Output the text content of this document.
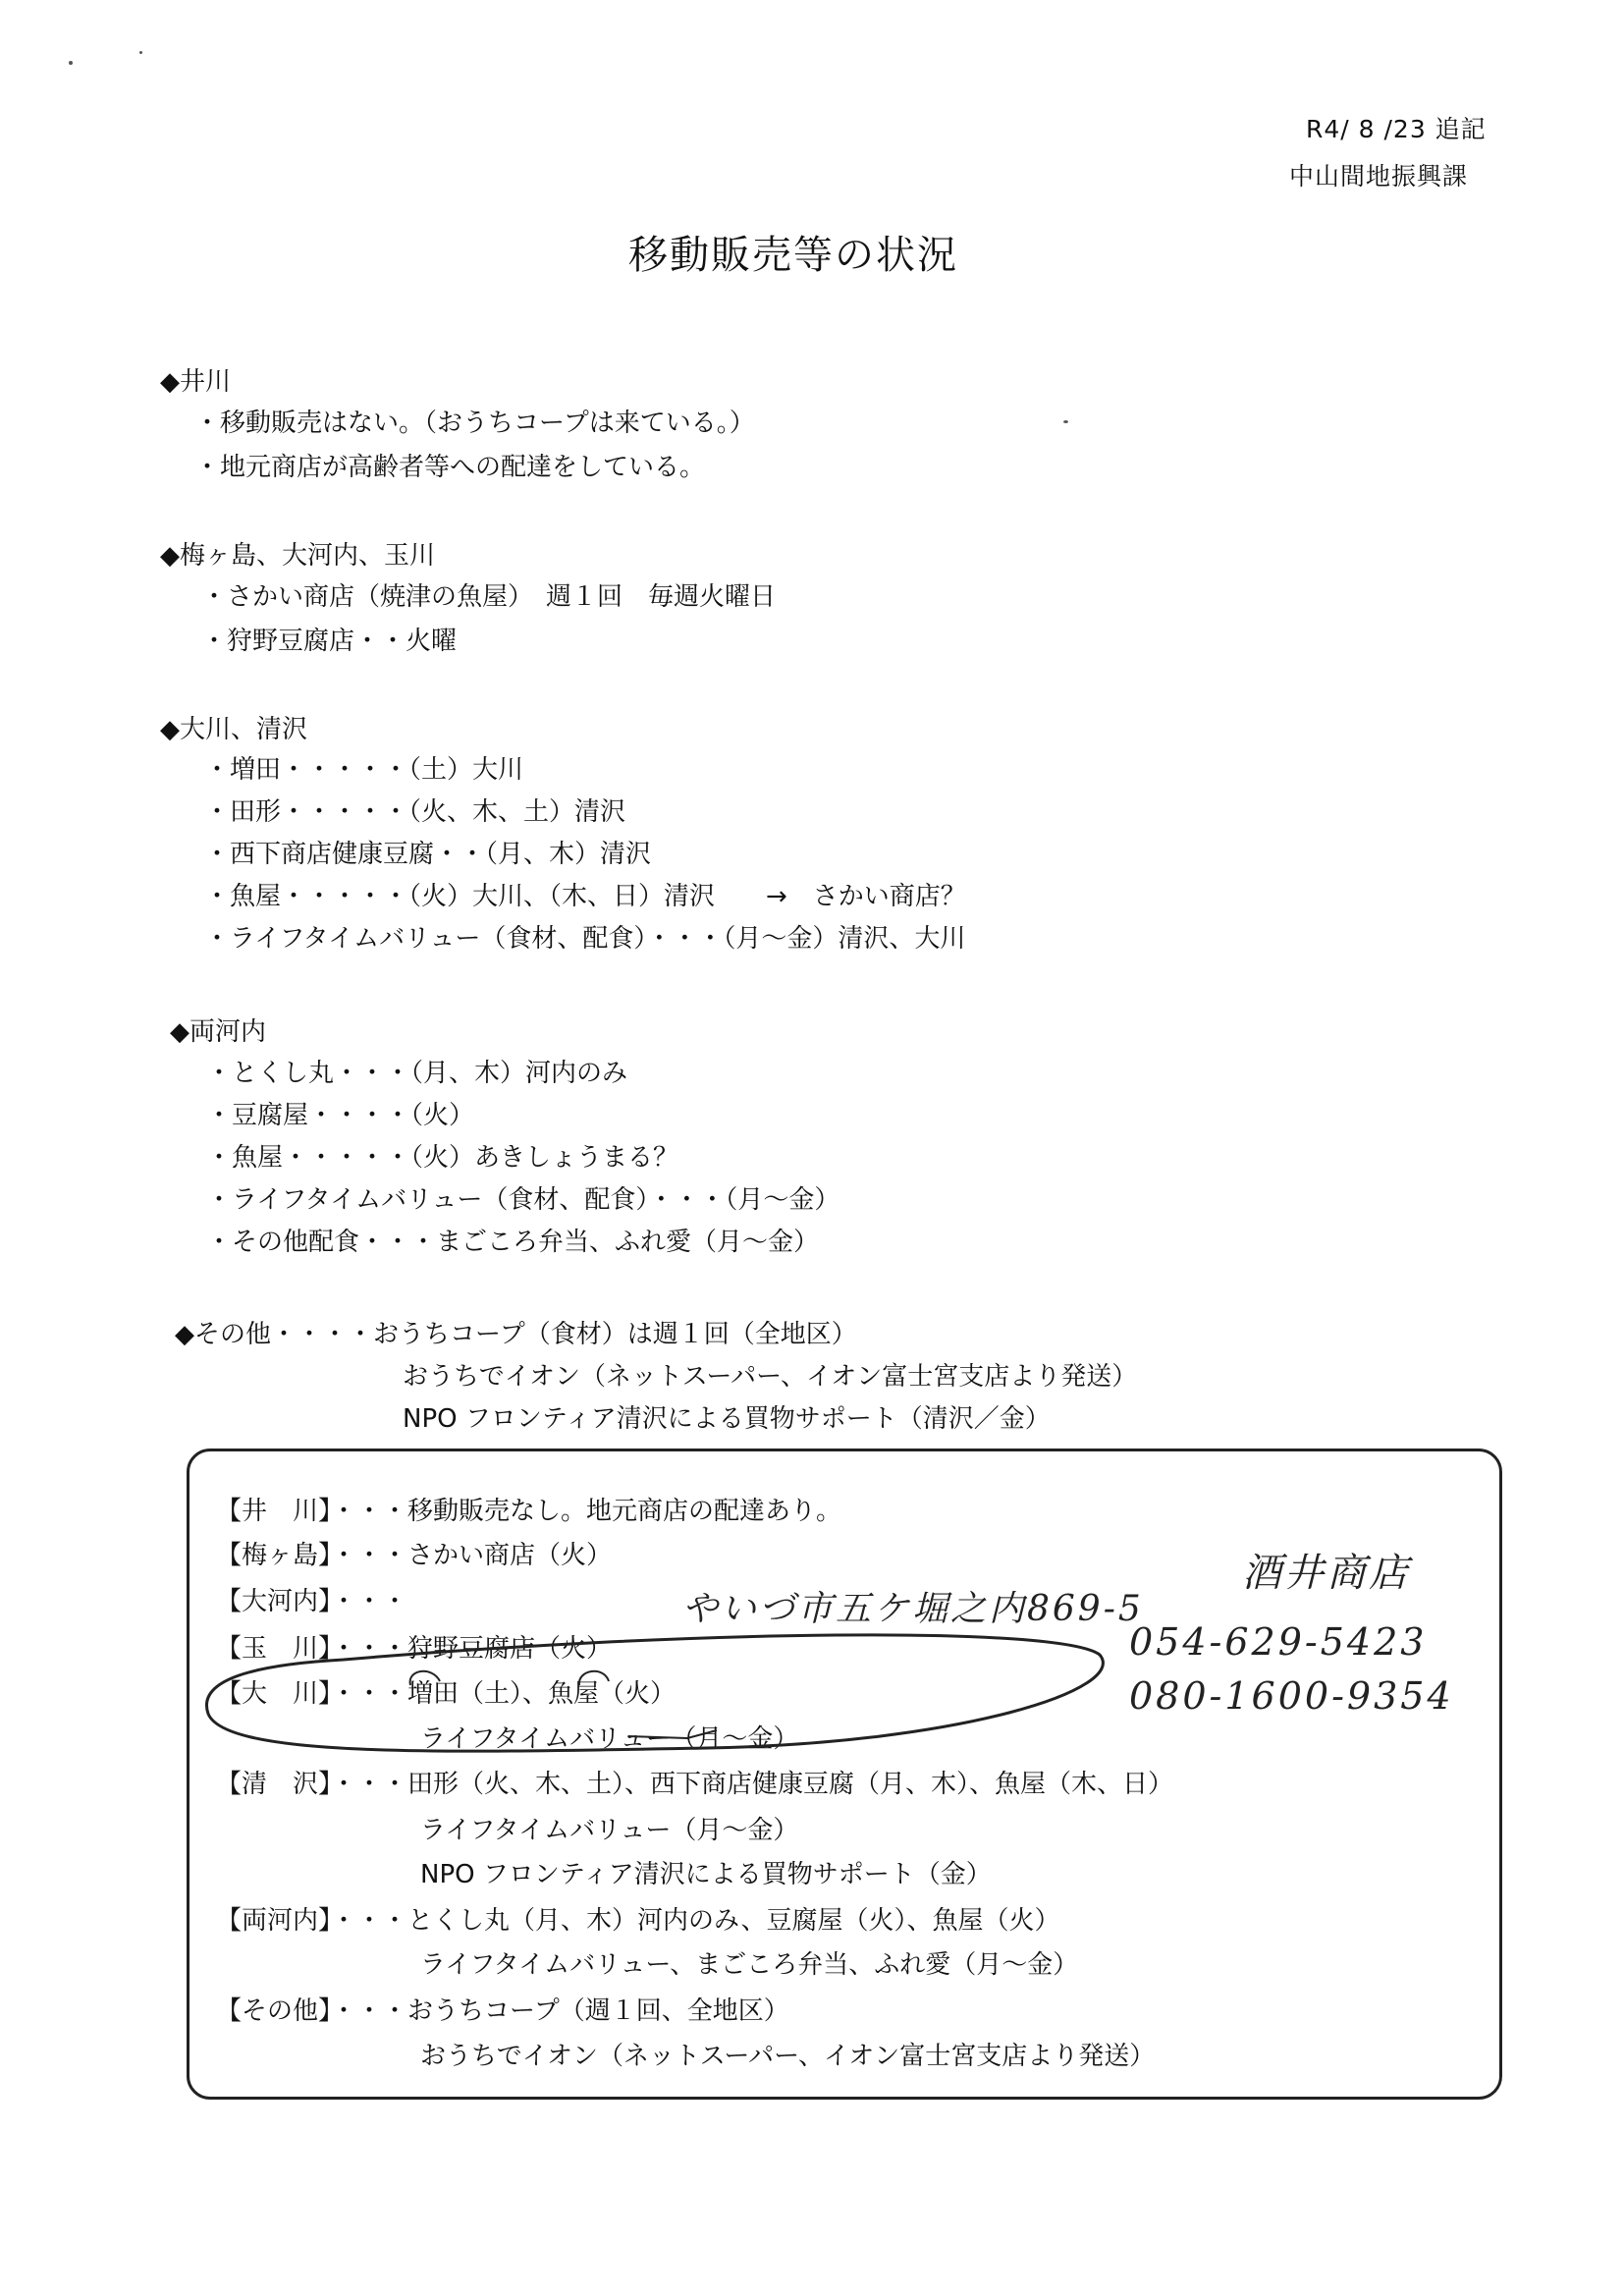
R4/ 8 /23 追記
中山間地振興課
移動販売等の状況
◆井川
・移動販売はない。（おうちコープは来ている。）
・地元商店が高齢者等への配達をしている。
◆梅ヶ島、大河内、玉川
・さかい商店（焼津の魚屋）　週１回　毎週火曜日
・狩野豆腐店・・火曜
◆大川、清沢
・増田・・・・・（土）大川
・田形・・・・・（火、木、土）清沢
・西下商店健康豆腐・・（月、木）清沢
・魚屋・・・・・（火）大川、（木、日）清沢　　→　さかい商店？
・ライフタイムバリュー（食材、配食）・・・（月～金）清沢、大川
◆両河内
・とくし丸・・・（月、木）河内のみ
・豆腐屋・・・・（火）
・魚屋・・・・・（火）あきしょうまる？
・ライフタイムバリュー（食材、配食）・・・（月～金）
・その他配食・・・まごころ弁当、ふれ愛（月～金）
◆その他・・・・おうちコープ（食材）は週１回（全地区）
おうちでイオン（ネットスーパー、イオン富士宮支店より発送）
NPO フロンティア清沢による買物サポート（清沢／金）
【井　川】・・・移動販売なし。地元商店の配達あり。
【梅ヶ島】・・・さかい商店（火）
【大河内】・・・
【玉　川】・・・狩野豆腐店（火）
【大　川】・・・増田（土）、魚屋（火）
　　　　　　　　ライフタイムバリュー（月～金）
【清　沢】・・・田形（火、木、土）、西下商店健康豆腐（月、木）、魚屋（木、日）
　　　　　　　　ライフタイムバリュー（月～金）
　　　　　　　　NPO フロンティア清沢による買物サポート（金）
【両河内】・・・とくし丸（月、木）河内のみ、豆腐屋（火）、魚屋（火）
　　　　　　　　ライフタイムバリュー、まごころ弁当、ふれ愛（月～金）
【その他】・・・おうちコープ（週１回、全地区）
　　　　　　　　おうちでイオン（ネットスーパー、イオン富士宮支店より発送）
やいづ市五ケ堀之内869-5
酒井商店
054-629-5423
080-1600-9354
